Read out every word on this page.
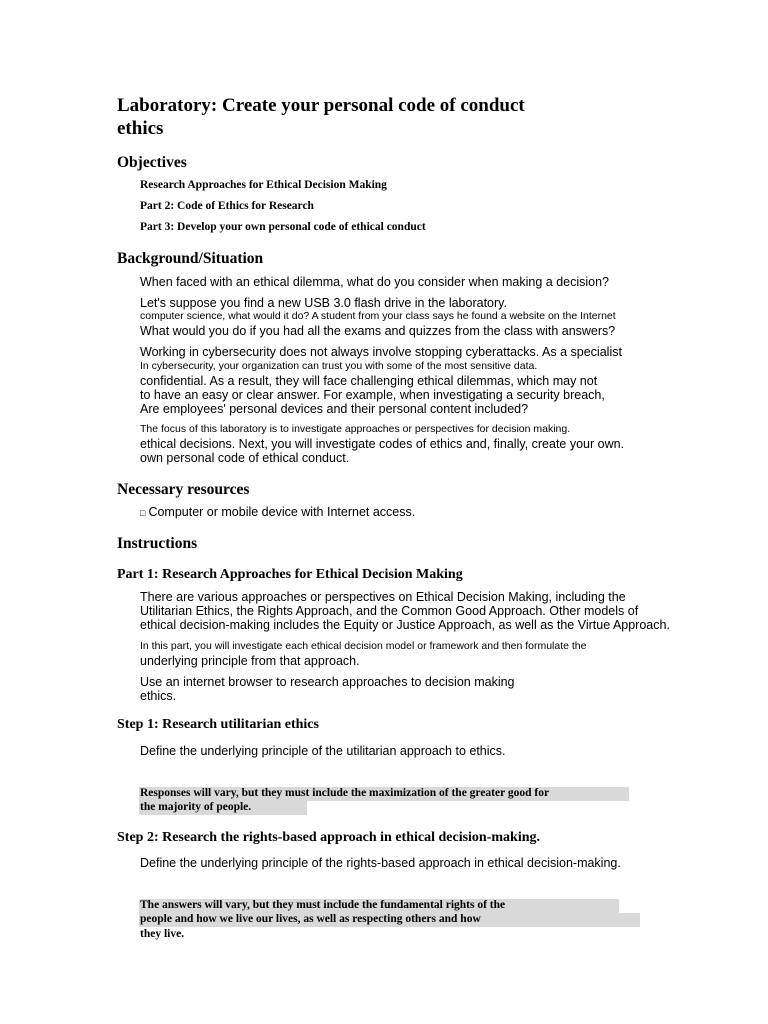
Laboratory: Create your personal code of conduct
ethics
Objectives
Research Approaches for Ethical Decision Making
Part 2: Code of Ethics for Research
Part 3: Develop your own personal code of ethical conduct
Background/Situation
When faced with an ethical dilemma, what do you consider when making a decision?
Let's suppose you find a new USB 3.0 flash drive in the laboratory.
computer science, what would it do? A student from your class says he found a website on the Internet
What would you do if you had all the exams and quizzes from the class with answers?
Working in cybersecurity does not always involve stopping cyberattacks. As a specialist
In cybersecurity, your organization can trust you with some of the most sensitive data.
confidential. As a result, they will face challenging ethical dilemmas, which may not
to have an easy or clear answer. For example, when investigating a security breach,
Are employees' personal devices and their personal content included?
The focus of this laboratory is to investigate approaches or perspectives for decision making.
ethical decisions. Next, you will investigate codes of ethics and, finally, create your own.
own personal code of ethical conduct.
Necessary resources
□ Computer or mobile device with Internet access.
Instructions
Part 1: Research Approaches for Ethical Decision Making
There are various approaches or perspectives on Ethical Decision Making, including the
Utilitarian Ethics, the Rights Approach, and the Common Good Approach. Other models of
ethical decision-making includes the Equity or Justice Approach, as well as the Virtue Approach.
In this part, you will investigate each ethical decision model or framework and then formulate the
underlying principle from that approach.
Use an internet browser to research approaches to decision making
ethics.
Step 1: Research utilitarian ethics
Define the underlying principle of the utilitarian approach to ethics.
Responses will vary, but they must include the maximization of the greater good for
the majority of people.
Step 2: Research the rights-based approach in ethical decision-making.
Define the underlying principle of the rights-based approach in ethical decision-making.
The answers will vary, but they must include the fundamental rights of the
people and how we live our lives, as well as respecting others and how
they live.
